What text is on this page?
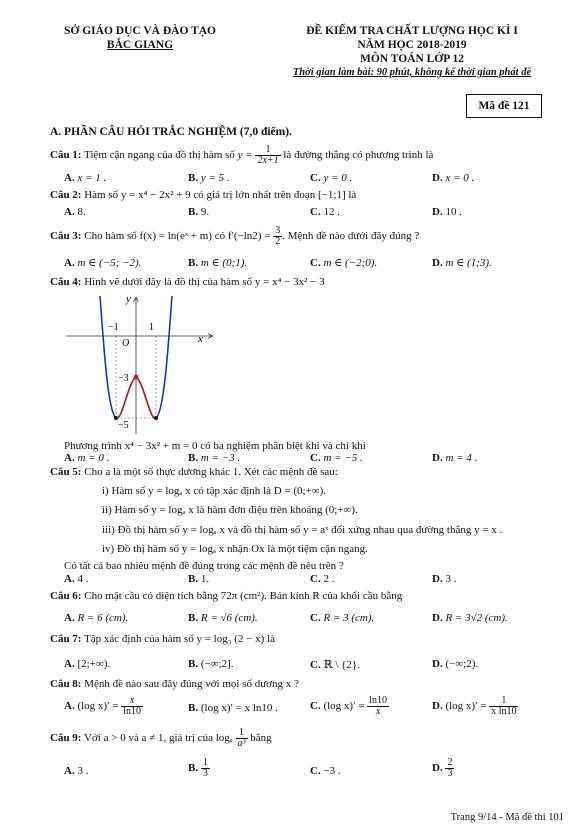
SỞ GIÁO DỤC VÀ ĐÀO TẠO
BẮC GIANG
ĐỀ KIỂM TRA CHẤT LƯỢNG HỌC KÌ I
NĂM HỌC 2018-2019
MÔN TOÁN LỚP 12
Thời gian làm bài: 90 phút, không kể thời gian phát đề
Mã đề 121
A. PHẦN CÂU HỎI TRẮC NGHIỆM (7,0 điểm).
Câu 1: Tiệm cận ngang của đồ thị hàm số $y = \frac{1}{2x+1}$ là đường thẳng có phương trình là
A. x = 1 .	B. y = 5 .	C. y = 0 .	D. x = 0 .
Câu 2: Hàm số y = x⁴ − 2x² + 9 có giá trị lớn nhất trên đoạn [−1;1] là
A. 8.	B. 9.	C. 12 .	D. 10 .
Câu 3: Cho hàm số f(x) = ln(eˣ + m) có $f'(-\ln 2) = \frac{3}{2}$ . Mệnh đề nào dưới đây đúng ?
A. m ∈ (−5; −2).	B. m ∈ (0;1).	C. m ∈ (−2;0).	D. m ∈ (1;3).
Câu 4: Hình vẽ dưới đây là đồ thị của hàm số y = x⁴ − 3x² − 3
y
x
O
−1	1
−3
−5
Phương trình x⁴ − 3x² + m = 0 có ba nghiệm phân biệt khi và chỉ khi
A. m = 0 .	B. m = −3 .	C. m = −5 .	D. m = 4 .
Câu 5: Cho a là một số thực dương khác 1. Xét các mệnh đề sau:
i) Hàm số y = logₐ x có tập xác định là D = (0;+∞).
ii) Hàm số y = logₐ x là hàm đơn điệu trên khoảng (0;+∞).
iii) Đồ thị hàm số y = logₐ x và đồ thị hàm số y = aˣ đối xứng nhau qua đường thẳng y = x .
iv) Đồ thị hàm số y = logₐ x nhận Ox là một tiệm cận ngang.
Có tất cả bao nhiêu mệnh đề đúng trong các mệnh đề nêu trên ?
A. 4 .	B. 1.	C. 2 .	D. 3 .
Câu 6: Cho mặt cầu có diện tích bằng 72π (cm²). Bán kính R của khối cầu bằng
A. R = 6 (cm).	B. R = √6 (cm).	C. R = 3 (cm).	D. R = 3√2 (cm).
Câu 7: Tập xác định của hàm số y = log₃ (2 − x) là
A. [2;+∞).	B. (−∞;2].	C. ℝ \ {2}.	D. (−∞;2).
Câu 8: Mệnh đề nào sau đây đúng với mọi số dương x ?
A. (log $x)' = \frac{x}{\ln 10}$	B. (log x)′ = x ln10 .	C. (log $x)' = \frac{\ln 10}{x}$	D. (log $x)' = \frac{1}{\text{x ln10}}$
Câu 9: Với a > 0 và a ≠ 1, giá trị của logₐ $\frac{1}{\text{a³}}$ bằng
A. 3 .	B. $\frac{1}{3}$	C. −3 .	D. $\frac{2}{3}$
Trang 9/14 - Mã đề thi 101
